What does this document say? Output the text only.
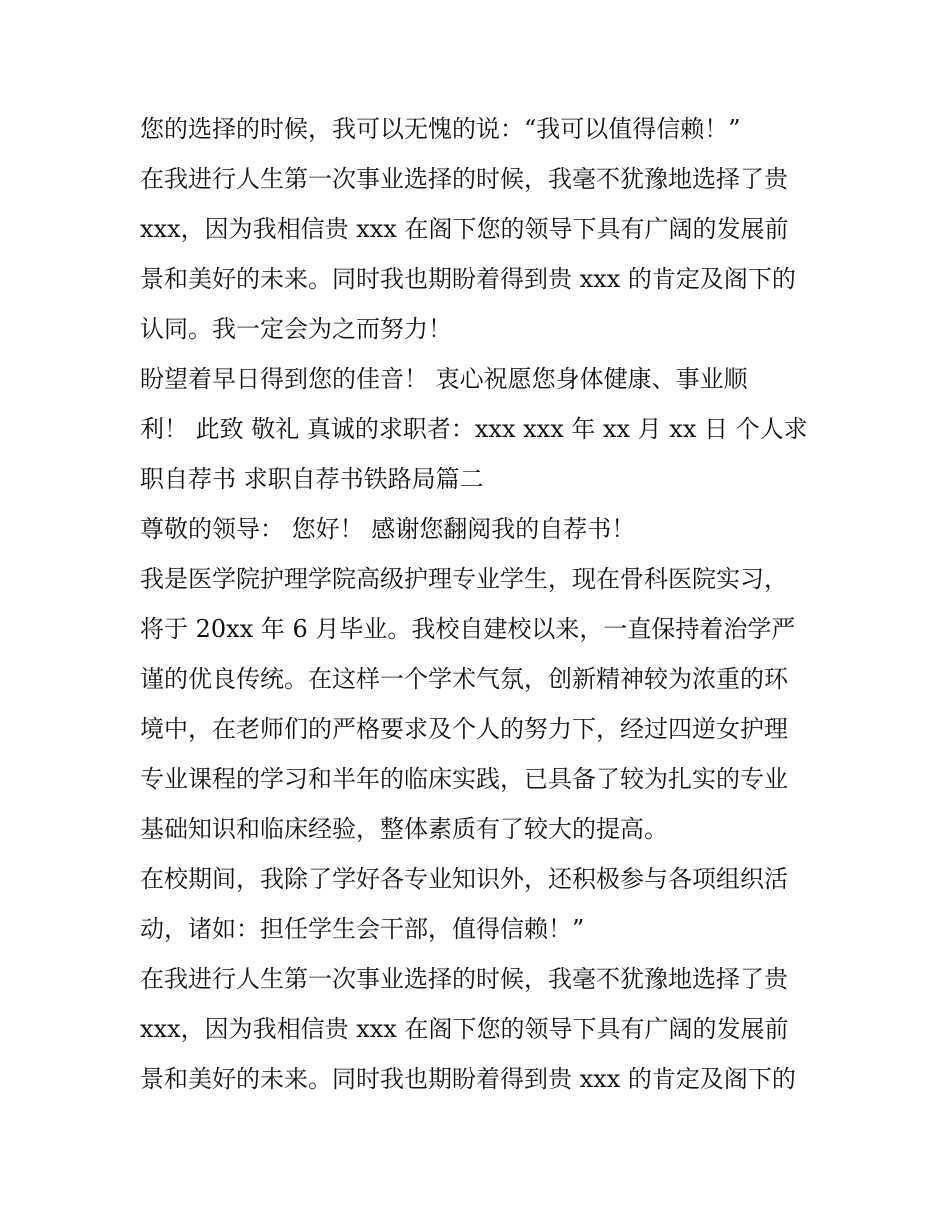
您的选择的时候，我可以无愧的说：“我可以值得信赖！”
在我进行人生第一次事业选择的时候，我毫不犹豫地选择了贵
xxx，因为我相信贵 xxx 在阁下您的领导下具有广阔的发展前
景和美好的未来。同时我也期盼着得到贵 xxx 的肯定及阁下的
认同。我一定会为之而努力！
盼望着早日得到您的佳音！ 衷心祝愿您身体健康、事业顺
利！ 此致 敬礼 真诚的求职者：xxx xxx 年 xx 月 xx 日 个人求
职自荐书 求职自荐书铁路局篇二
尊敬的领导： 您好！ 感谢您翻阅我的自荐书！
我是医学院护理学院高级护理专业学生，现在骨科医院实习，
将于 20xx 年 6 月毕业。我校自建校以来，一直保持着治学严
谨的优良传统。在这样一个学术气氛，创新精神较为浓重的环
境中，在老师们的严格要求及个人的努力下，经过四逆女护理
专业课程的学习和半年的临床实践，已具备了较为扎实的专业
基础知识和临床经验，整体素质有了较大的提高。
在校期间，我除了学好各专业知识外，还积极参与各项组织活
动，诸如：担任学生会干部，值得信赖！”
在我进行人生第一次事业选择的时候，我毫不犹豫地选择了贵
xxx，因为我相信贵 xxx 在阁下您的领导下具有广阔的发展前
景和美好的未来。同时我也期盼着得到贵 xxx 的肯定及阁下的
